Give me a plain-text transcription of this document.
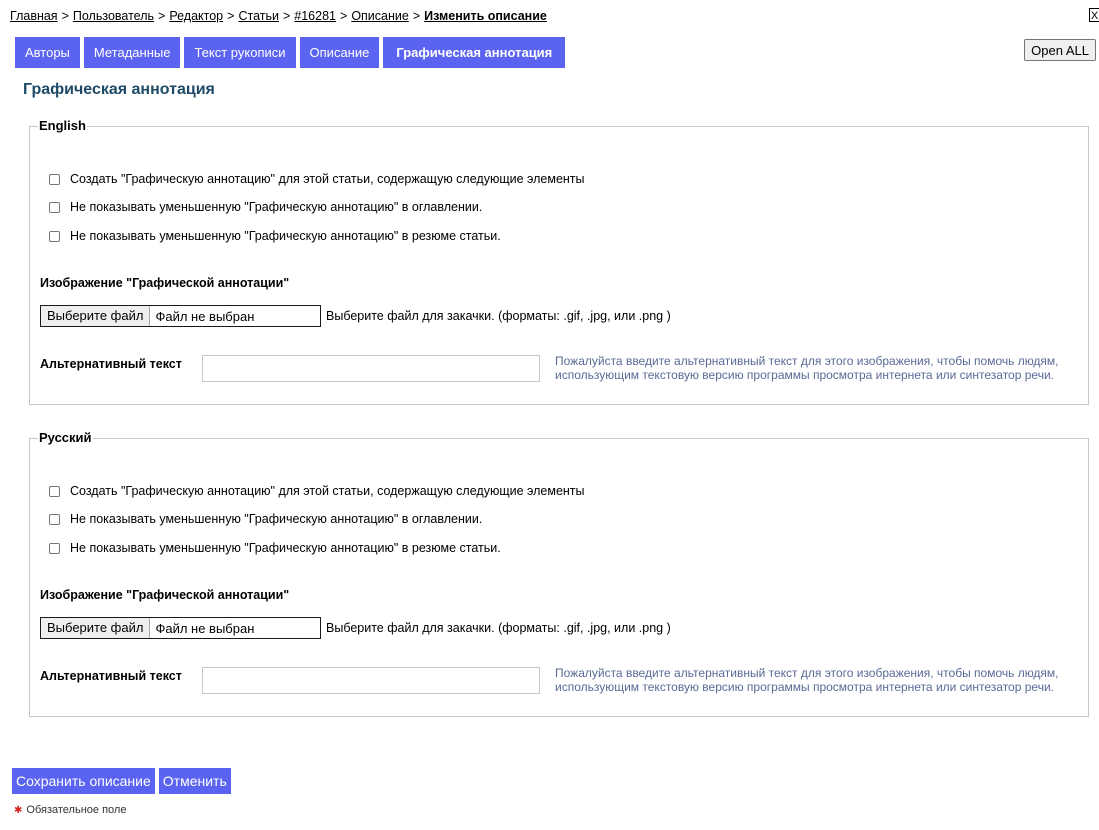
Главная > Пользователь > Редактор > Статьи > #16281 > Описание > Изменить описание	X
Авторы	Метаданные	Текст рукописи	Описание	Графическая аннотация	Open ALL
Графическая аннотация
English
Создать "Графическую аннотацию" для этой статьи, содержащую следующие элементы
Не показывать уменьшенную "Графическую аннотацию" в оглавлении.
Не показывать уменьшенную "Графическую аннотацию" в резюме статьи.
Изображение "Графической аннотации"
Выберите файл Файл не выбран	Выберите файл для закачки. (форматы: .gif, .jpg, или .png )
Альтернативный текст	Пожалуйста введите альтернативный текст для этого изображения, чтобы помочь людям, использующим текстовую версию программы просмотра интернета или синтезатор речи.
Русский
Создать "Графическую аннотацию" для этой статьи, содержащую следующие элементы
Не показывать уменьшенную "Графическую аннотацию" в оглавлении.
Не показывать уменьшенную "Графическую аннотацию" в резюме статьи.
Изображение "Графической аннотации"
Выберите файл Файл не выбран	Выберите файл для закачки. (форматы: .gif, .jpg, или .png )
Альтернативный текст	Пожалуйста введите альтернативный текст для этого изображения, чтобы помочь людям, использующим текстовую версию программы просмотра интернета или синтезатор речи.
Сохранить описание Отменить
✱ Обязательное поле
